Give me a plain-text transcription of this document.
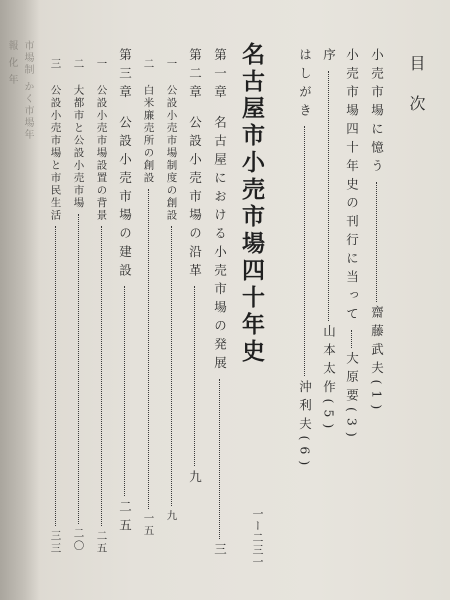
報 化 年 市場制 かく市場年	目次
小売市場に憶う齋藤武夫(1)
小売市場四十年史の刊行に当って大原要(3)
序山本太作(5)
はしがき沖利夫(6)
名古屋市小売市場四十年史
一ー二三一
第一章名古屋における小売市場の発展三
第二章公設小売市場の沿革九
一公設小売市場制度の創設九
二白米廉売所の創設一五
第三章公設小売市場の建設二五
一公設小売市場設置の背景二五
二大都市と公設小売市場二〇
三公設小売市場と市民生活三三
